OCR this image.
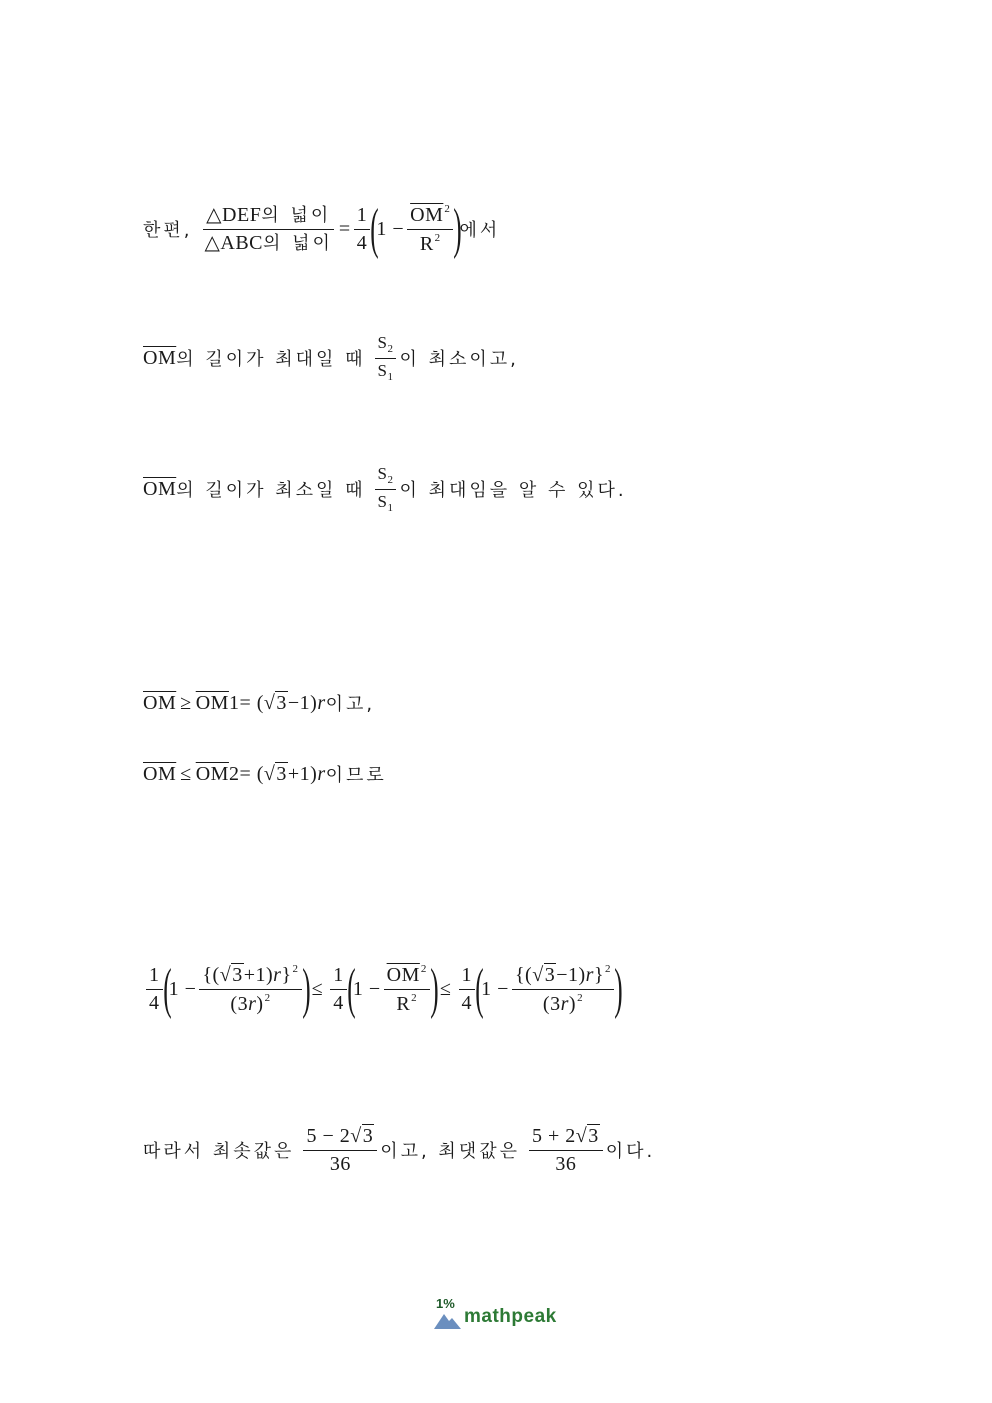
한편, $\frac{\text{△DEF의 넓이}}{\text{△ABC의 넓이}} = \frac{1}{4}$ (
$1 - \frac{\overline{OM}^2}{R^2}$ )
에서
$\overline{OM}$ 의 길이가 최대일 때 $\frac{S_2}{S_1}$ 이 최소이고,
$\overline{OM}$ 의 길이가 최소일 때 $\frac{S_2}{S_1}$ 이 최대임을 알 수 있다.
$\overline{OM} \ge \overline{OM}$ 1 = ( √ 3 −1) r 이고,
$\overline{OM} \le \overline{OM}$ 2 = ( √ 3 +1) r 이므로
$\frac{1}{4}$ (
$1 - \frac{\{( √ 3 +1)r\}^2}{(3r)^2}$ ) ≤ $\frac{1}{4}$ (
$1 - \frac{\overline{OM}^2}{R^2}$ ) ≤ $\frac{1}{4}$ (
$1 - \frac{\{( √ 3 -1)r\}^2}{(3r)^2}$ )
따라서 최솟값은 $\frac{5 - 2 √ 3}{36}$ 이고, 최댓값은 $\frac{5 + 2 √ 3}{36}$ 이다.
1%
mathpeak
